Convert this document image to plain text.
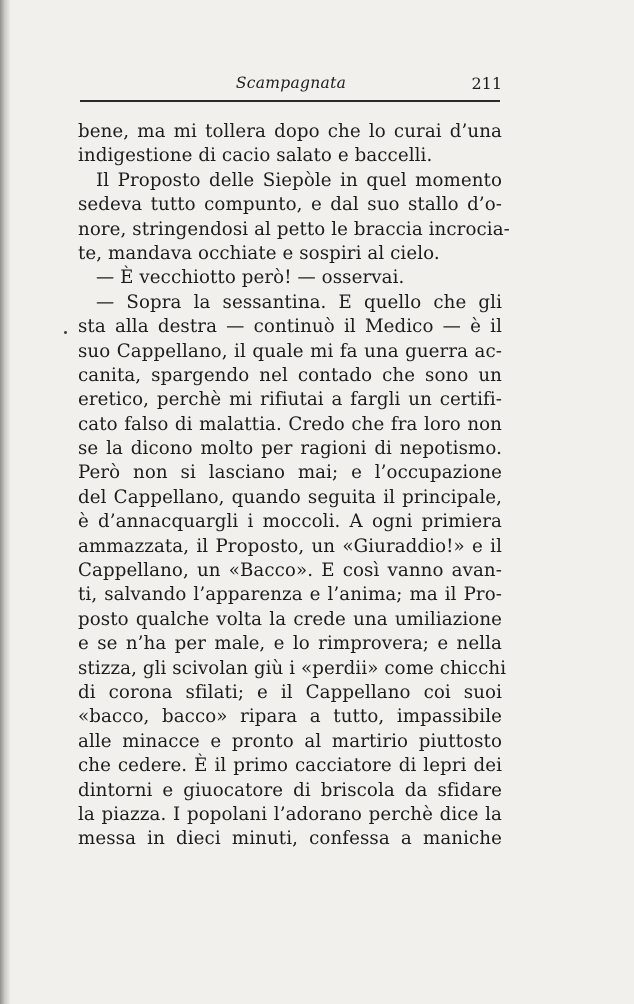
Scampagnata	211
bene, ma mi tollera dopo che lo curai d’una
indigestione di cacio salato e baccelli.
Il Proposto delle Siepòle in quel momento
sedeva tutto compunto, e dal suo stallo d’o-
nore, stringendosi al petto le braccia incrocia-
te, mandava occhiate e sospiri al cielo.
— È vecchiotto però! — osservai.
— Sopra la sessantina. E quello che gli
sta alla destra — continuò il Medico — è il
suo Cappellano, il quale mi fa una guerra ac-
canita, spargendo nel contado che sono un
eretico, perchè mi rifiutai a fargli un certifi-
cato falso di malattia. Credo che fra loro non
se la dicono molto per ragioni di nepotismo.
Però non si lasciano mai; e l’occupazione
del Cappellano, quando seguita il principale,
è d’annacquargli i moccoli. A ogni primiera
ammazzata, il Proposto, un «Giuraddio!» e il
Cappellano, un «Bacco». E così vanno avan-
ti, salvando l’apparenza e l’anima; ma il Pro-
posto qualche volta la crede una umiliazione
e se n’ha per male, e lo rimprovera; e nella
stizza, gli scivolan giù i «perdii» come chicchi
di corona sfilati; e il Cappellano coi suoi
«bacco, bacco» ripara a tutto, impassibile
alle minacce e pronto al martirio piuttosto
che cedere. È il primo cacciatore di lepri dei
dintorni e giuocatore di briscola da sfidare
la piazza. I popolani l’adorano perchè dice la
messa in dieci minuti, confessa a maniche
